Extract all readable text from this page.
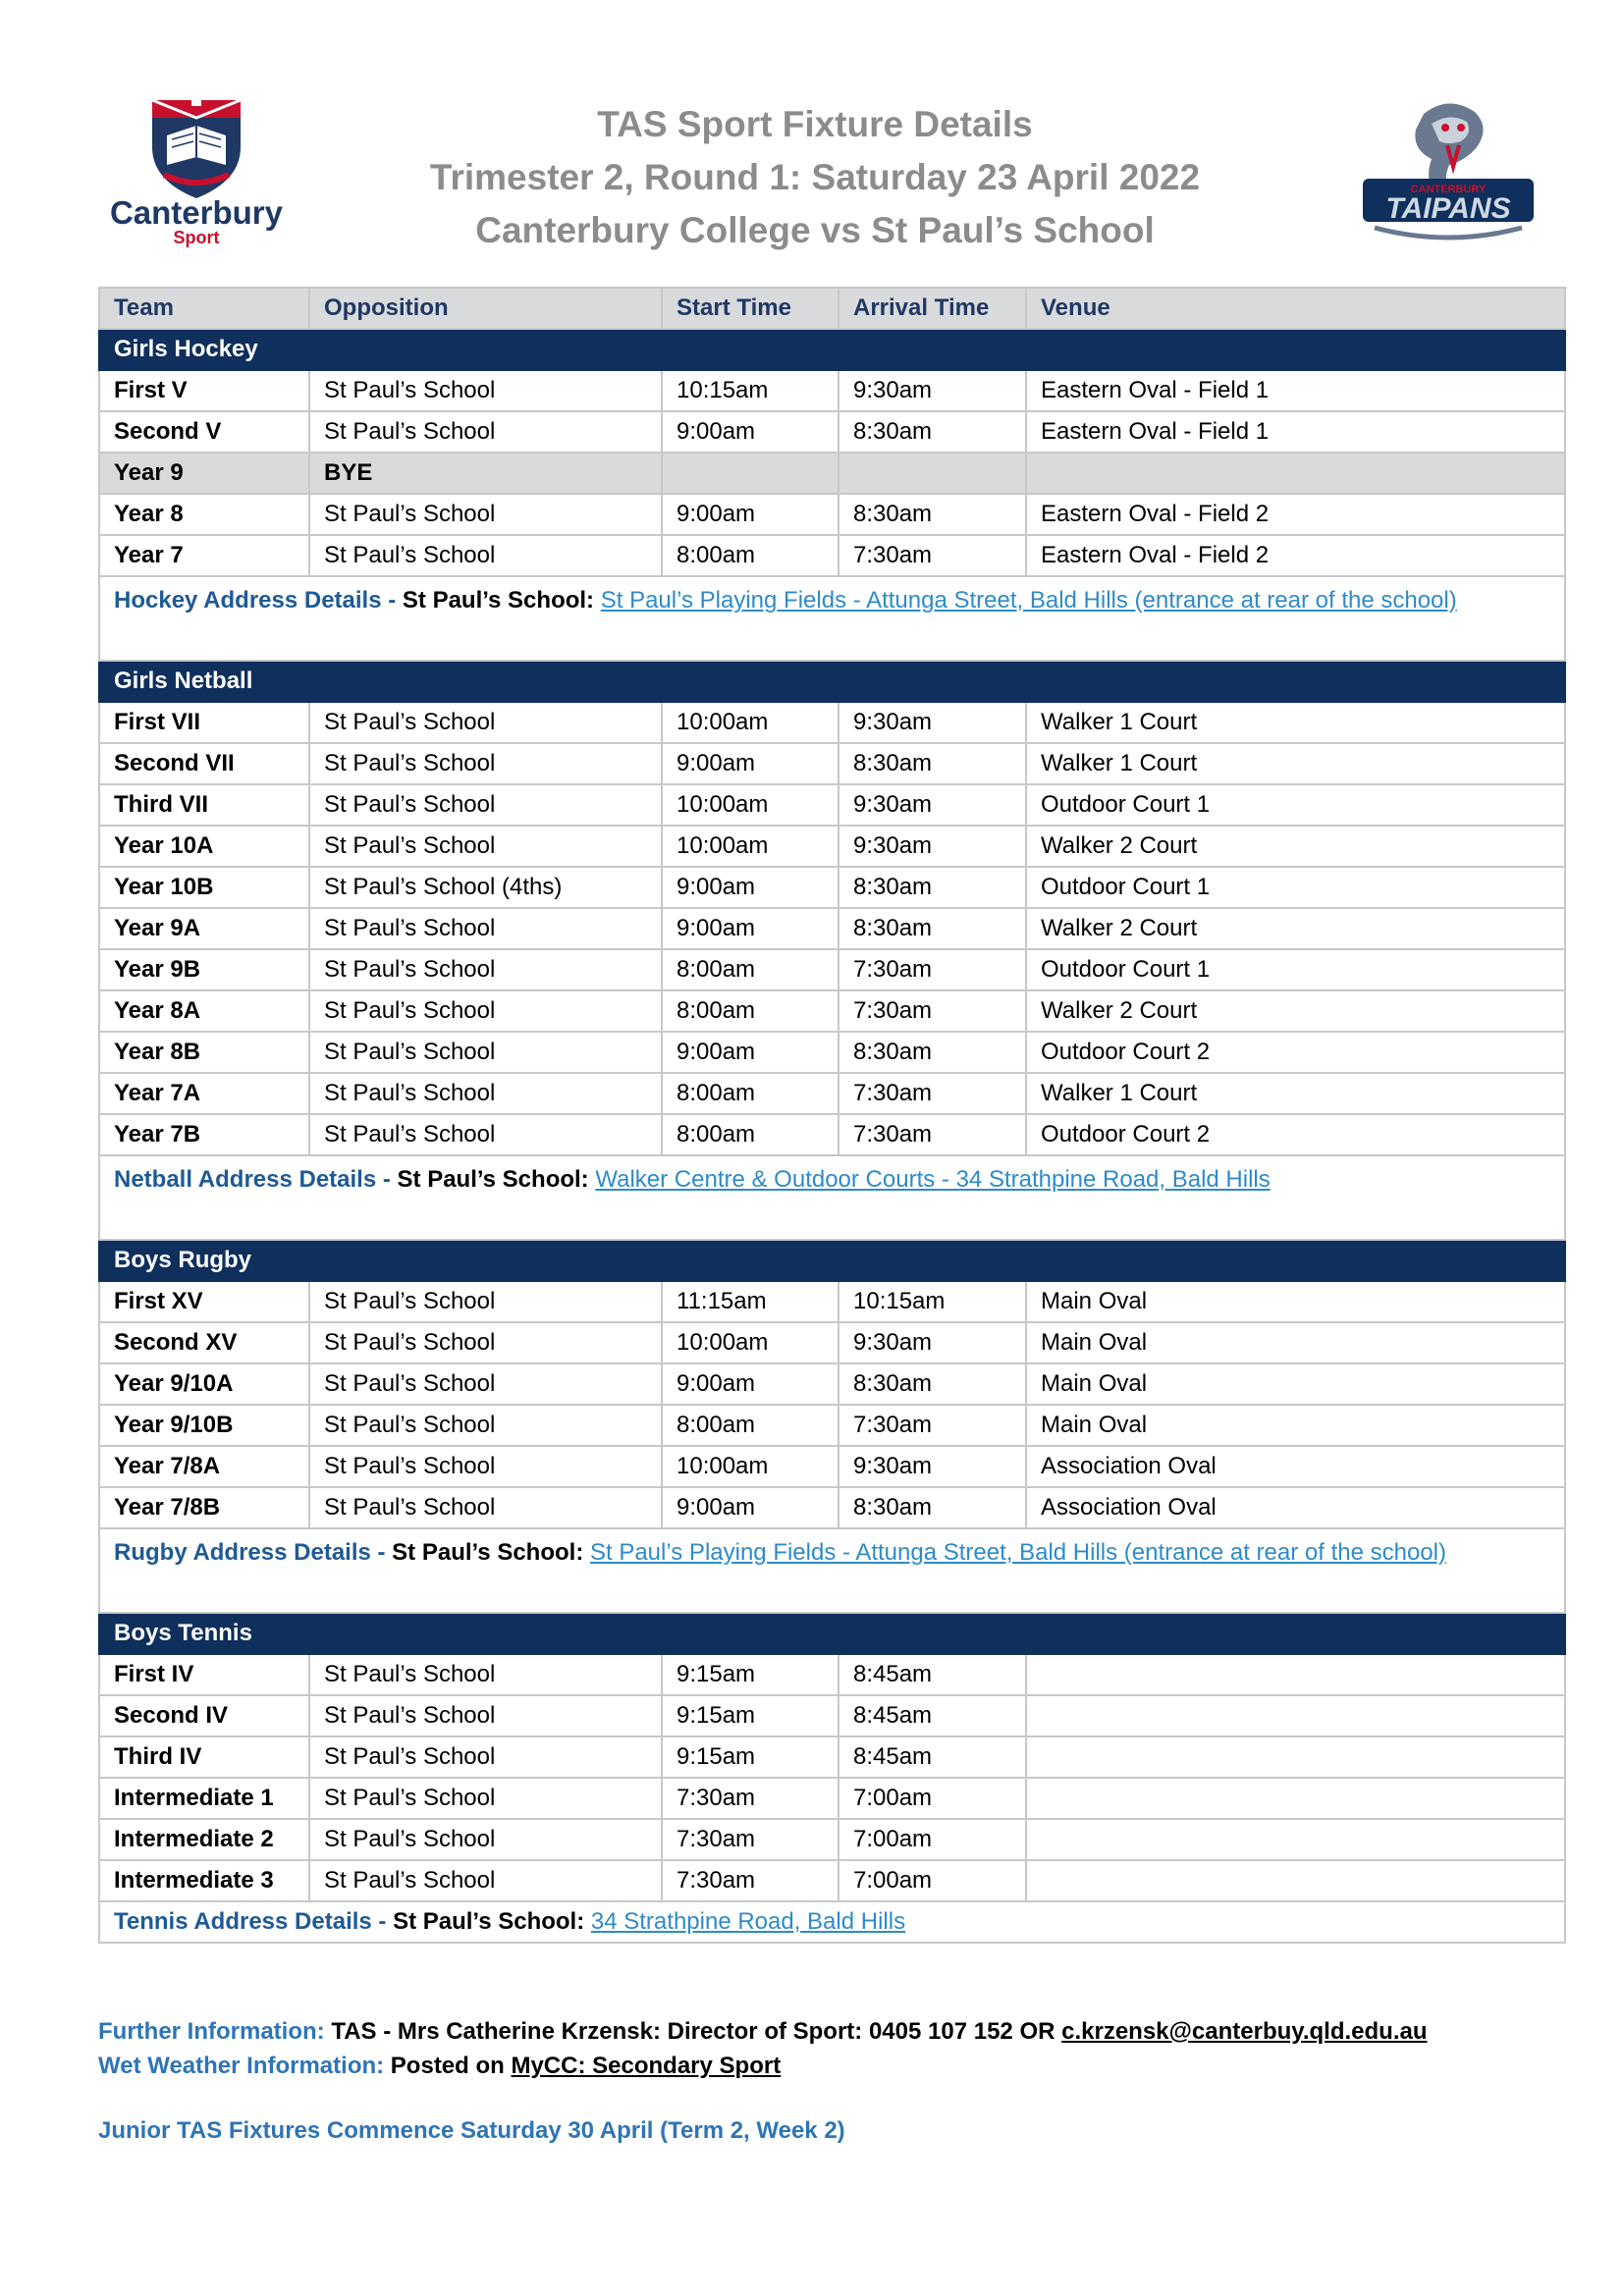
Canterbury
Sport
TAS Sport Fixture Details
Trimester 2, Round 1: Saturday 23 April 2022
Canterbury College vs St Paul’s School
CANTERBURY
TAIPANS
Team	Opposition	Start Time	Arrival Time	Venue
Girls Hockey				
First V	St Paul’s School	10:15am	9:30am	Eastern Oval - Field 1
Second V	St Paul’s School	9:00am	8:30am	Eastern Oval - Field 1
Year 9	BYE			
Year 8	St Paul’s School	9:00am	8:30am	Eastern Oval - Field 2
Year 7	St Paul’s School	8:00am	7:30am	Eastern Oval - Field 2
Hockey Address Details - St Paul’s School: St Paul’s Playing Fields - Attunga Street, Bald Hills (entrance at rear of the school)				
Girls Netball				
First VII	St Paul’s School	10:00am	9:30am	Walker 1 Court
Second VII	St Paul’s School	9:00am	8:30am	Walker 1 Court
Third VII	St Paul’s School	10:00am	9:30am	Outdoor Court 1
Year 10A	St Paul’s School	10:00am	9:30am	Walker 2 Court
Year 10B	St Paul’s School (4ths)	9:00am	8:30am	Outdoor Court 1
Year 9A	St Paul’s School	9:00am	8:30am	Walker 2 Court
Year 9B	St Paul’s School	8:00am	7:30am	Outdoor Court 1
Year 8A	St Paul’s School	8:00am	7:30am	Walker 2 Court
Year 8B	St Paul’s School	9:00am	8:30am	Outdoor Court 2
Year 7A	St Paul’s School	8:00am	7:30am	Walker 1 Court
Year 7B	St Paul’s School	8:00am	7:30am	Outdoor Court 2
Netball Address Details - St Paul’s School: Walker Centre & Outdoor Courts - 34 Strathpine Road, Bald Hills				
Boys Rugby				
First XV	St Paul’s School	11:15am	10:15am	Main Oval
Second XV	St Paul’s School	10:00am	9:30am	Main Oval
Year 9/10A	St Paul’s School	9:00am	8:30am	Main Oval
Year 9/10B	St Paul’s School	8:00am	7:30am	Main Oval
Year 7/8A	St Paul’s School	10:00am	9:30am	Association Oval
Year 7/8B	St Paul’s School	9:00am	8:30am	Association Oval
Rugby Address Details - St Paul’s School: St Paul’s Playing Fields - Attunga Street, Bald Hills (entrance at rear of the school)				
Boys Tennis				
First IV	St Paul’s School	9:15am	8:45am	
Second IV	St Paul’s School	9:15am	8:45am	
Third IV	St Paul’s School	9:15am	8:45am	
Intermediate 1	St Paul’s School	7:30am	7:00am	
Intermediate 2	St Paul’s School	7:30am	7:00am	
Intermediate 3	St Paul’s School	7:30am	7:00am	
Tennis Address Details - St Paul’s School: 34 Strathpine Road, Bald Hills				
Further Information: TAS - Mrs Catherine Krzensk: Director of Sport: 0405 107 152 OR c.krzensk@canterbuy.qld.edu.au
Wet Weather Information: Posted on MyCC: Secondary Sport
Junior TAS Fixtures Commence Saturday 30 April (Term 2, Week 2)
